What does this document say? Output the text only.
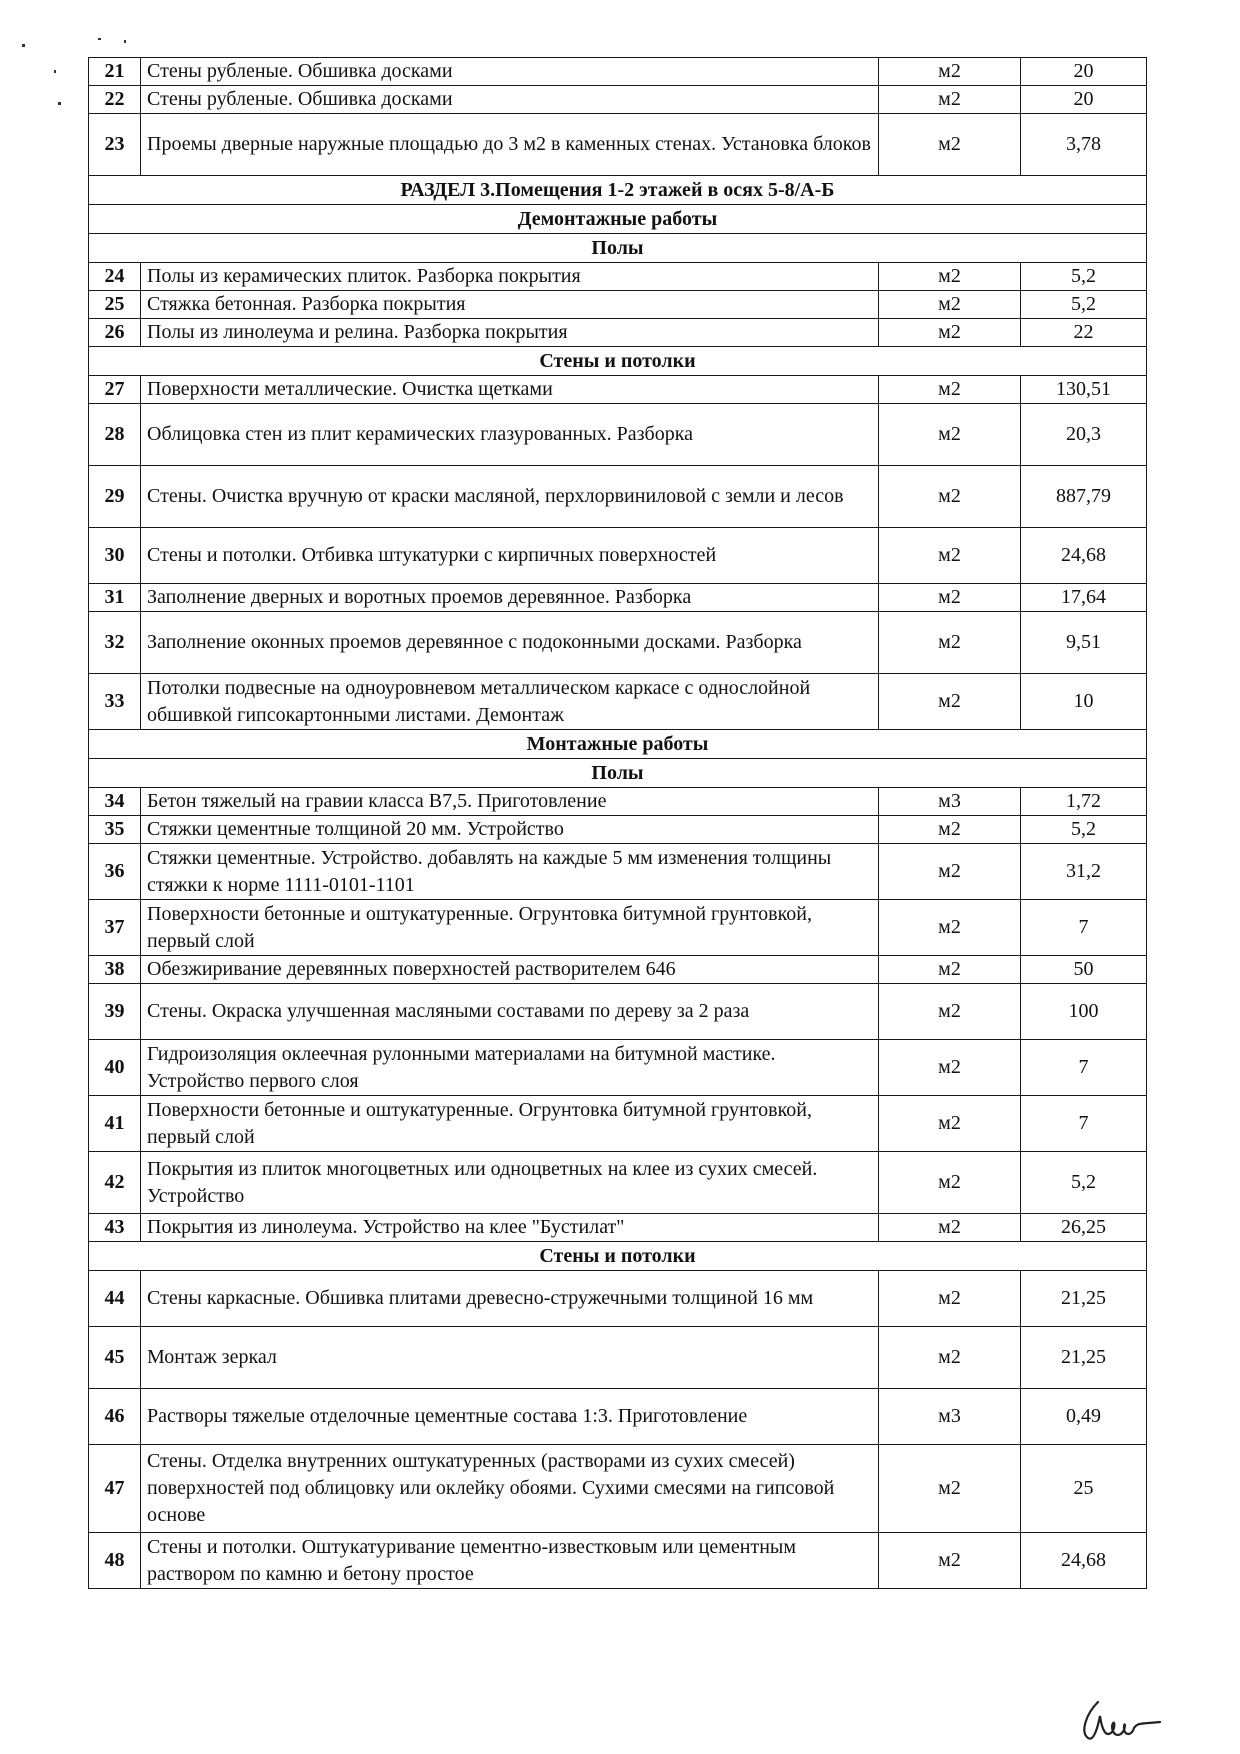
21	Стены рубленые. Обшивка досками	м2	20
22	Стены рубленые. Обшивка досками	м2	20
23	Проемы дверные наружные площадью до 3 м2 в каменных стенах. Установка блоков	м2	3,78
РАЗДЕЛ 3.Помещения 1-2 этажей в осях 5-8/А-Б			
Демонтажные работы			
Полы			
24	Полы из керамических плиток. Разборка покрытия	м2	5,2
25	Стяжка бетонная. Разборка покрытия	м2	5,2
26	Полы из линолеума и релина. Разборка покрытия	м2	22
Стены и потолки			
27	Поверхности металлические. Очистка щетками	м2	130,51
28	Облицовка стен из плит керамических глазурованных. Разборка	м2	20,3
29	Стены. Очистка вручную от краски масляной, перхлорвиниловой с земли и лесов	м2	887,79
30	Стены и потолки. Отбивка штукатурки с кирпичных поверхностей	м2	24,68
31	Заполнение дверных и воротных проемов деревянное. Разборка	м2	17,64
32	Заполнение оконных проемов деревянное с подоконными досками. Разборка	м2	9,51
33	Потолки подвесные на одноуровневом металлическом каркасе с однослойной обшивкой гипсокартонными листами. Демонтаж	м2	10
Монтажные работы			
Полы			
34	Бетон тяжелый на гравии класса B7,5. Приготовление	м3	1,72
35	Стяжки цементные толщиной 20 мм. Устройство	м2	5,2
36	Стяжки цементные. Устройство. добавлять на каждые 5 мм изменения толщины стяжки к норме 1111-0101-1101	м2	31,2
37	Поверхности бетонные и оштукатуренные. Огрунтовка битумной грунтовкой, первый слой	м2	7
38	Обезжиривание деревянных поверхностей растворителем 646	м2	50
39	Стены. Окраска улучшенная масляными составами по дереву за 2 раза	м2	100
40	Гидроизоляция оклеечная рулонными материалами на битумной мастике. Устройство первого слоя	м2	7
41	Поверхности бетонные и оштукатуренные. Огрунтовка битумной грунтовкой, первый слой	м2	7
42	Покрытия из плиток многоцветных или одноцветных на клее из сухих смесей. Устройство	м2	5,2
43	Покрытия из линолеума. Устройство на клее "Бустилат"	м2	26,25
Стены и потолки			
44	Стены каркасные. Обшивка плитами древесно-стружечными толщиной 16 мм	м2	21,25
45	Монтаж зеркал	м2	21,25
46	Растворы тяжелые отделочные цементные состава 1:3. Приготовление	м3	0,49
47	Стены. Отделка внутренних оштукатуренных (растворами из сухих смесей) поверхностей под облицовку или оклейку обоями. Сухими смесями на гипсовой основе	м2	25
48	Стены и потолки. Оштукатуривание цементно-известковым или цементным раствором по камню и бетону простое	м2	24,68
